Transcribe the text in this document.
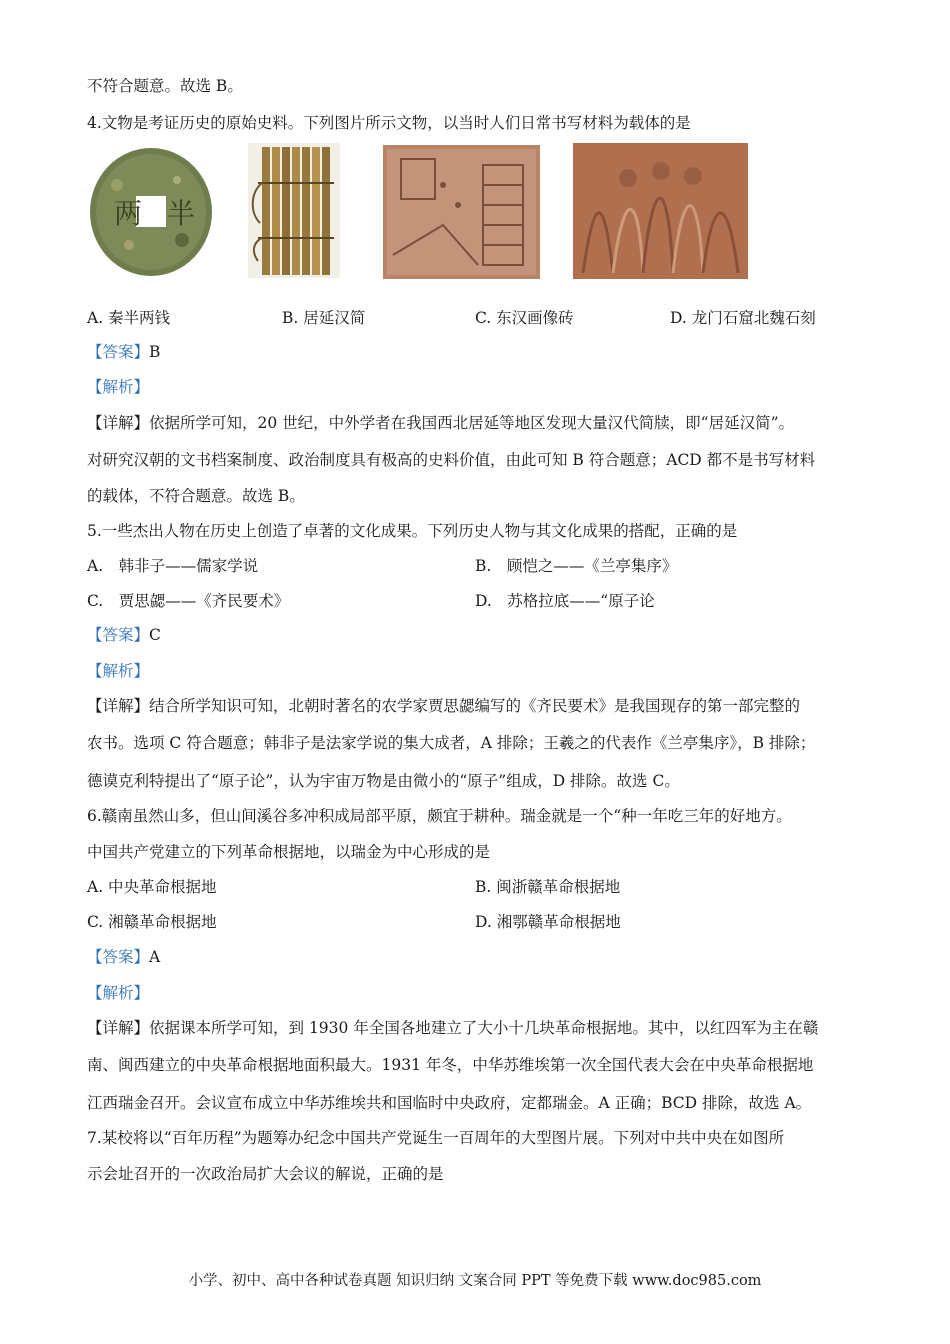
不符合题意。故选 B。
4.文物是考证历史的原始史料。下列图片所示文物，以当时人们日常书写材料为载体的是
两 半
A. 秦半两钱	B. 居延汉简	C. 东汉画像砖	D. 龙门石窟北魏石刻
【答案】B
【解析】
【详解】依据所学可知，20 世纪，中外学者在我国西北居延等地区发现大量汉代简牍，即“居延汉简”。
对研究汉朝的文书档案制度、政治制度具有极高的史料价值，由此可知 B 符合题意；ACD 都不是书写材料
的载体，不符合题意。故选 B。
5.一些杰出人物在历史上创造了卓著的文化成果。下列历史人物与其文化成果的搭配，正确的是
A.　韩非子——儒家学说	B.　顾恺之——《兰亭集序》
C.　贾思勰——《齐民要术》	D.　苏格拉底——“原子论
【答案】C
【解析】
【详解】结合所学知识可知，北朝时著名的农学家贾思勰编写的《齐民要术》是我国现存的第一部完整的
农书。选项 C 符合题意；韩非子是法家学说的集大成者，A 排除；王羲之的代表作《兰亭集序》，B 排除；
德谟克利特提出了“原子论”，认为宇宙万物是由微小的“原子”组成，D 排除。故选 C。
6.赣南虽然山多，但山间溪谷多冲积成局部平原，颇宜于耕种。瑞金就是一个“种一年吃三年的好地方。
中国共产党建立的下列革命根据地，以瑞金为中心形成的是
A. 中央革命根据地	B. 闽浙赣革命根据地
C. 湘赣革命根据地	D. 湘鄂赣革命根据地
【答案】A
【解析】
【详解】依据课本所学可知，到 1930 年全国各地建立了大小十几块革命根据地。其中，以红四军为主在赣
南、闽西建立的中央革命根据地面积最大。1931 年冬，中华苏维埃第一次全国代表大会在中央革命根据地
江西瑞金召开。会议宣布成立中华苏维埃共和国临时中央政府，定都瑞金。A 正确；BCD 排除，故选 A。
7.某校将以“百年历程”为题筹办纪念中国共产党诞生一百周年的大型图片展。下列对中共中央在如图所
示会址召开的一次政治局扩大会议的解说，正确的是
小学、初中、高中各种试卷真题 知识归纳 文案合同 PPT 等免费下载 www.doc985.com
